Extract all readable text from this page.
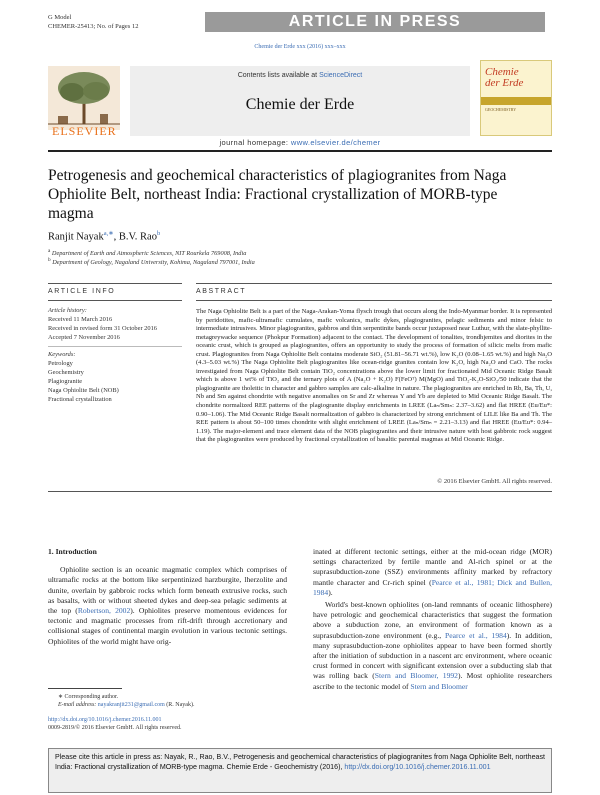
G Model
CHEMER-25413; No. of Pages 12	ARTICLE IN PRESS
Chemie der Erde xxx (2016) xxx–xxx
ELSEVIER
Contents lists available at ScienceDirect
Chemie der Erde
journal homepage: www.elsevier.de/chemer
Chemie
der Erde
GEOCHEMISTRY
Petrogenesis and geochemical characteristics of plagiogranites from Naga Ophiolite Belt, northeast India: Fractional crystallization of MORB-type magma
Ranjit Nayak$^{a,∗}$, B.V. Rao$^b$
$^a$ Department of Earth and Atmospheric Sciences, NIT Rourkela 769008, India
$^b$ Department of Geology, Nagaland University, Kohima, Nagaland 797001, India
ARTICLE INFO	ABSTRACT
Article history:
Received 11 March 2016
Received in revised form 31 October 2016
Accepted 7 November 2016
Keywords:
Petrology
Geochemistry
Plagiogranite
Naga Ophiolite Belt (NOB)
Fractional crystallization
The Naga Ophiolite Belt is a part of the Naga-Arakan-Yoma flysch trough that occurs along the Indo-Myanmar border. It is represented by peridotites, mafic-ultramafic cumulates, mafic volcanics, mafic dykes, plagiogranites, pelagic sediments and minor felsic to intermediate intrusives. Minor plagiogranites, gabbros and thin serpentinite bands occur juxtaposed near Luthur, with the slate-phyllite-metagreywacke sequence (Phokpur Formation) adjacent to the contact. The development of tonalites, trondhjemites and diorites in the oceanic crust, which is grouped as plagiogranites, offers an opportunity to study the process of formation of silicic melts from mafic crust. Plagiogranites from Naga Ophiolite Belt contains moderate SiO₂ (51.81–56.71 wt.%), low K₂O (0.08–1.65 wt.%) and high Na₂O (4.3–5.03 wt.%) The Naga Ophiolite Belt plagiogranites like ocean-ridge granites contain low K₂O, high Na₂O and CaO. The rocks investigated from Naga Ophiolite Belt contain TiO₂ concentrations above the lower limit for fractionated Mid Oceanic Ridge Basalt which is above 1 wt% of TiO₂ and the ternary plots of A (Na₂O + K₂O) F(FeOᵀ) M(MgO) and TiO₂-K₂O-SiO₂/50 indicate that the plagiogranite are tholeitic in character and gabbro samples are calc-alkaline in nature. The plagiogranites are enriched in Rb, Ba, Th, U, Nb and Sm against chondrite with negative anomalies on Sr and Zr whereas Y and Yb are depleted to Mid Oceanic Ridge Basalt. The chondrite normalized REE patterns of the plagiogranite display enrichments in LREE (Laₙ/Smₙ: 2.37–3.62) and flat HREE (Eu/Eu*: 0.90–1.06). The Mid Oceanic Ridge Basalt normalization of gabbro is characterized by strong enrichment of LILE like Ba and Th. The REE pattern is about 50–100 times chondrite with slight enrichment of LREE (Laₙ/Smₙ = 2.21–3.13) and flat HREE (Eu/Eu*: 0.94–1.19). The major-element and trace element data of the NOB plagiogranites and their intrusive nature with host gabbroic rock suggest that the plagiogranites were produced by fractional crystallization of basaltic parental magmas at Mid Oceanic Ridge.
© 2016 Elsevier GmbH. All rights reserved.
1. Introduction

Ophiolite section is an oceanic magmatic complex which comprises of ultramafic rocks at the bottom like serpentinized harzburgite, lherzolite and dunite, overlain by gabbroic rocks which form beneath extrusive rocks, such as basalts, with or without sheeted dykes and deep-sea pelagic sediments at the top (Robertson, 2002). Ophiolites preserve momentous evidences for tectonic and magmatic processes from rift-drift through accretionary and collisional stages of continental margin evolution in various tectonic settings. Ophiolites of the world might have orig-

inated at different tectonic settings, either at the mid-ocean ridge (MOR) settings characterized by fertile mantle and Al-rich spinel or at the suprasubduction-zone (SSZ) environments affinity marked by refractory mantle character and Cr-rich spinel (Pearce et al., 1981; Dick and Bullen, 1984).

World's best-known ophiolites (on-land remnants of oceanic lithosphere) have petrologic and geochemical characteristics that suggest the formation above a subduction zone, an environment of formation known as a suprasubduction-zone environment (e.g., Pearce et al., 1984). In addition, many suprasubduction-zone ophiolites appear to have been formed shortly after the initiation of subduction in a nascent arc environment, where oceanic crust formed in concert with significant extension over a subducting slab that was rolling back (Stern and Bloomer, 1992). Most ophiolite researchers ascribe to the tectonic model of Stern and Bloomer

∗ Corresponding author.
E-mail address: nayakranjit231@gmail.com (R. Nayak).
http://dx.doi.org/10.1016/j.chemer.2016.11.001
0009-2819/© 2016 Elsevier GmbH. All rights reserved.
Please cite this article in press as: Nayak, R., Rao, B.V., Petrogenesis and geochemical characteristics of plagiogranites from Naga Ophiolite Belt, northeast India: Fractional crystallization of MORB-type magma. Chemie Erde - Geochemistry (2016), http://dx.doi.org/10.1016/j.chemer.2016.11.001
